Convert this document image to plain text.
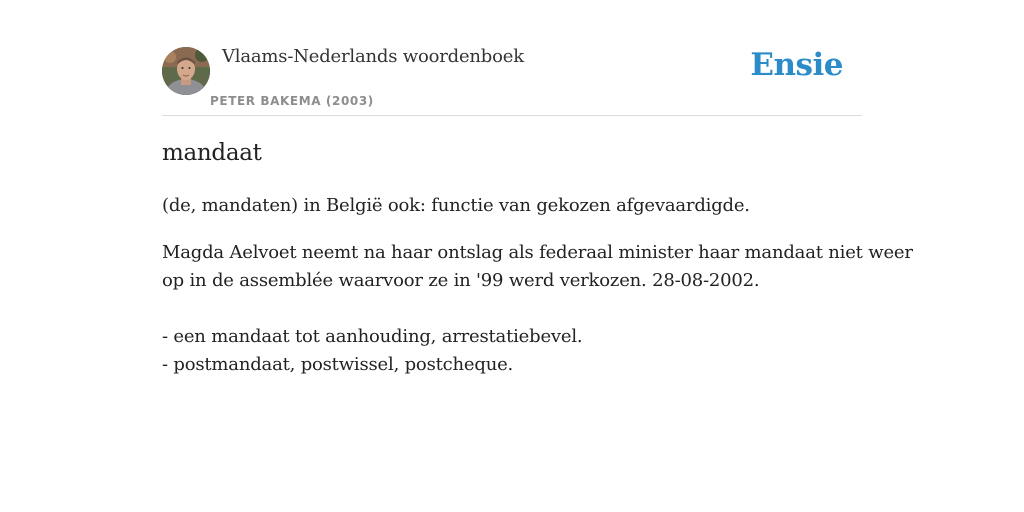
Vlaams-Nederlands woordenboek
PETER BAKEMA (2003)
Ensie
mandaat

(de, mandaten) in België ook: functie van gekozen afgevaardigde.

Magda Aelvoet neemt na haar ontslag als federaal minister haar mandaat niet weer
op in de assemblée waarvoor ze in '99 werd verkozen. 28-08-2002.
- een mandaat tot aanhouding, arrestatiebevel.
- postmandaat, postwissel, postcheque.
